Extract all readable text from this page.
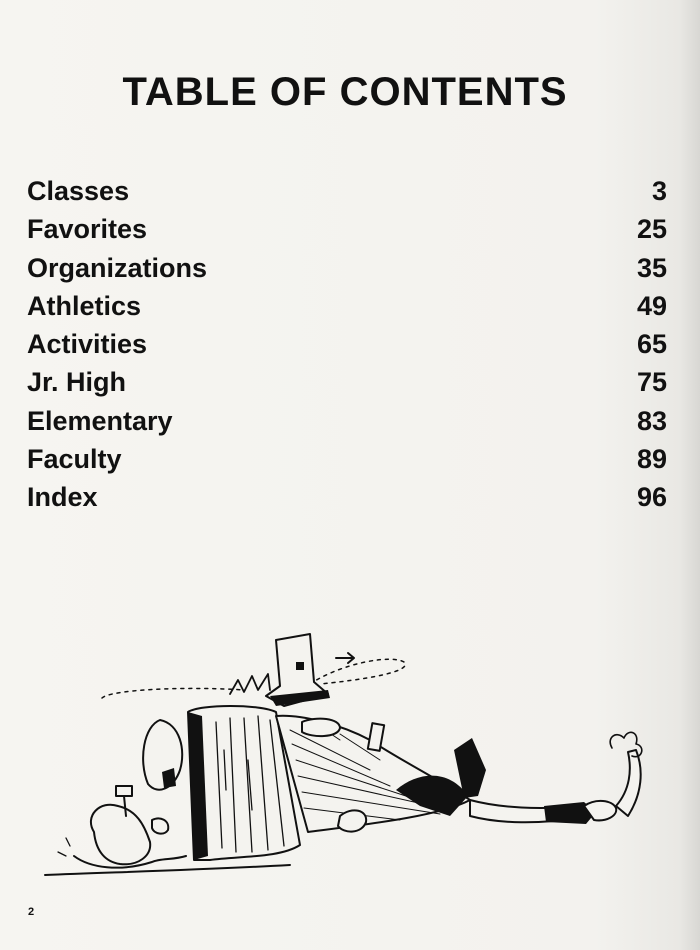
TABLE OF CONTENTS
Classes	3
Favorites	25
Organizations	35
Athletics	49
Activities	65
Jr. High	75
Elementary	83
Faculty	89
Index	96
2
